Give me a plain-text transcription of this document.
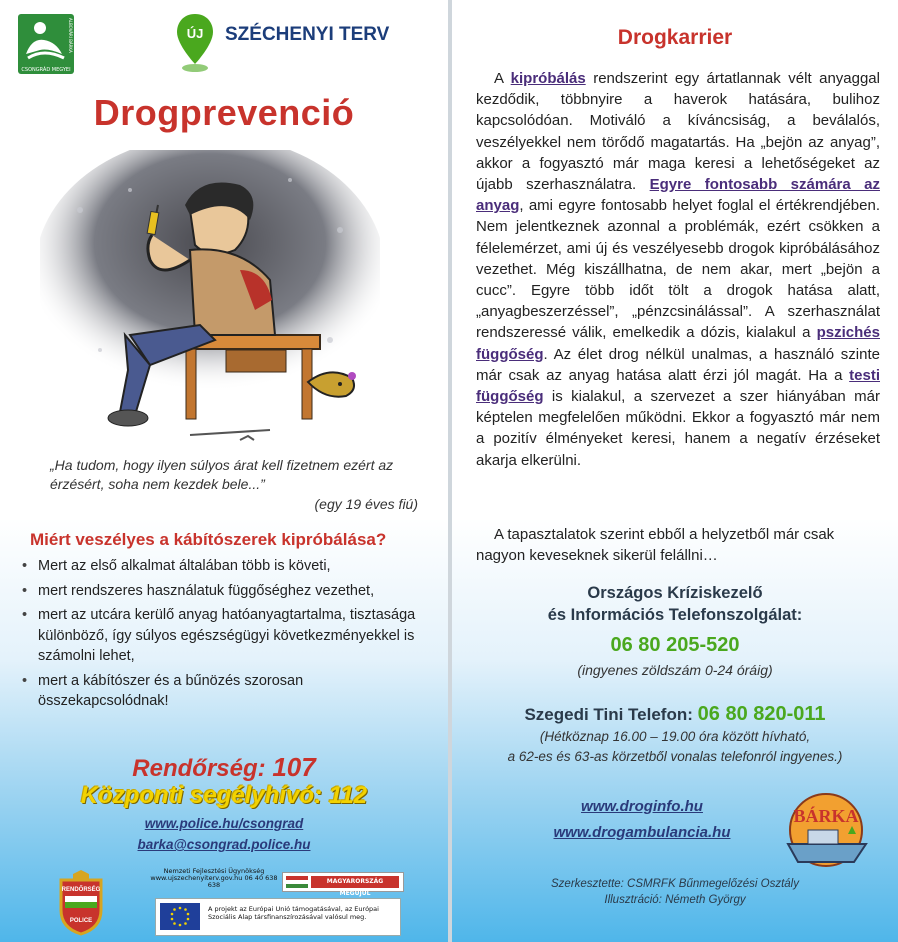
ALBOVÁRI BÁRKA
CSONGRÁD MEGYEI
ÚJ SZÉCHENYI TERV
Drogprevenció
„Ha tudom, hogy ilyen súlyos árat kell fizetnem ezért az érzésért, soha nem kezdek bele...”
(egy 19 éves fiú)
Miért veszélyes a kábítószerek kipróbálása?
• Mert az első alkalmat általában több is követi,
• mert rendszeres használatuk függőséghez vezethet,
• mert az utcára kerülő anyag hatóanyagtartalma, tisztasága különböző, így súlyos egészségügyi következményekkel is számolni lehet,
• mert a kábítószer és a bűnözés szorosan összekapcsolódnak!
Rendőrség: 107
Központi segélyhívó: 112
www.police.hu/csongrad
barka@csongrad.police.hu
RENDŐRSÉG
POLICE
Nemzeti Fejlesztési Ügynökség www.ujszechenyiterv.gov.hu 06 40 638 638	MAGYARORSZÁG MEGÚJUL
A projekt az Európai Unió támogatásával, az Európai Szociális Alap társfinanszírozásával valósul meg.
Drogkarrier

A kipróbálás rendszerint egy ártatlannak vélt anyaggal kezdődik, többnyire a haverok hatására, bulihoz kapcsolódóan. Motiváló a kíváncsiság, a beválalós, veszélyekkel nem törődő magatartás. Ha „bejön az anyag”, akkor a fogyasztó már maga keresi a lehetőségeket az újabb szerhasználatra. Egyre fontosabb számára az anyag, ami egyre fontosabb helyet foglal el értékrendjében. Nem jelentkeznek azonnal a problémák, ezért csökken a félelemérzet, ami új és veszélyesebb drogok kipróbálásához vezethet. Még kiszállhatna, de nem akar, mert „bejön a cucc”. Egyre több időt tölt a drogok hatása alatt, „anyagbeszerzéssel”, „pénzcsinálással”. A szerhasználat rendszeressé válik, emelkedik a dózis, kialakul a pszichés függőség. Az élet drog nélkül unalmas, a használó szinte már csak az anyag hatása alatt érzi jól magát. Ha a testi függőség is kialakul, a szervezet a szer hiányában már képtelen megfelelően működni. Ekkor a fogyasztó már nem a pozitív élményeket keresi, hanem a negatív érzéseket akarja elkerülni.

A tapasztalatok szerint ebből a helyzetből már csak nagyon keveseknek sikerül felállni…

Országos Kríziskezelő
és Információs Telefonszolgálat:
06 80 205-520
(ingyenes zöldszám 0-24 óráig)
Szegedi Tini Telefon: 06 80 820-011
(Hétköznap 16.00 – 19.00 óra között hívható,
a 62-es és 63-as körzetből vonalas telefonról ingyenes.)
www.droginfo.hu
www.drogambulancia.hu
BÁRKA
Szerkesztette: CSMRFK Bűnmegelőzési Osztály
Illusztráció: Németh György
